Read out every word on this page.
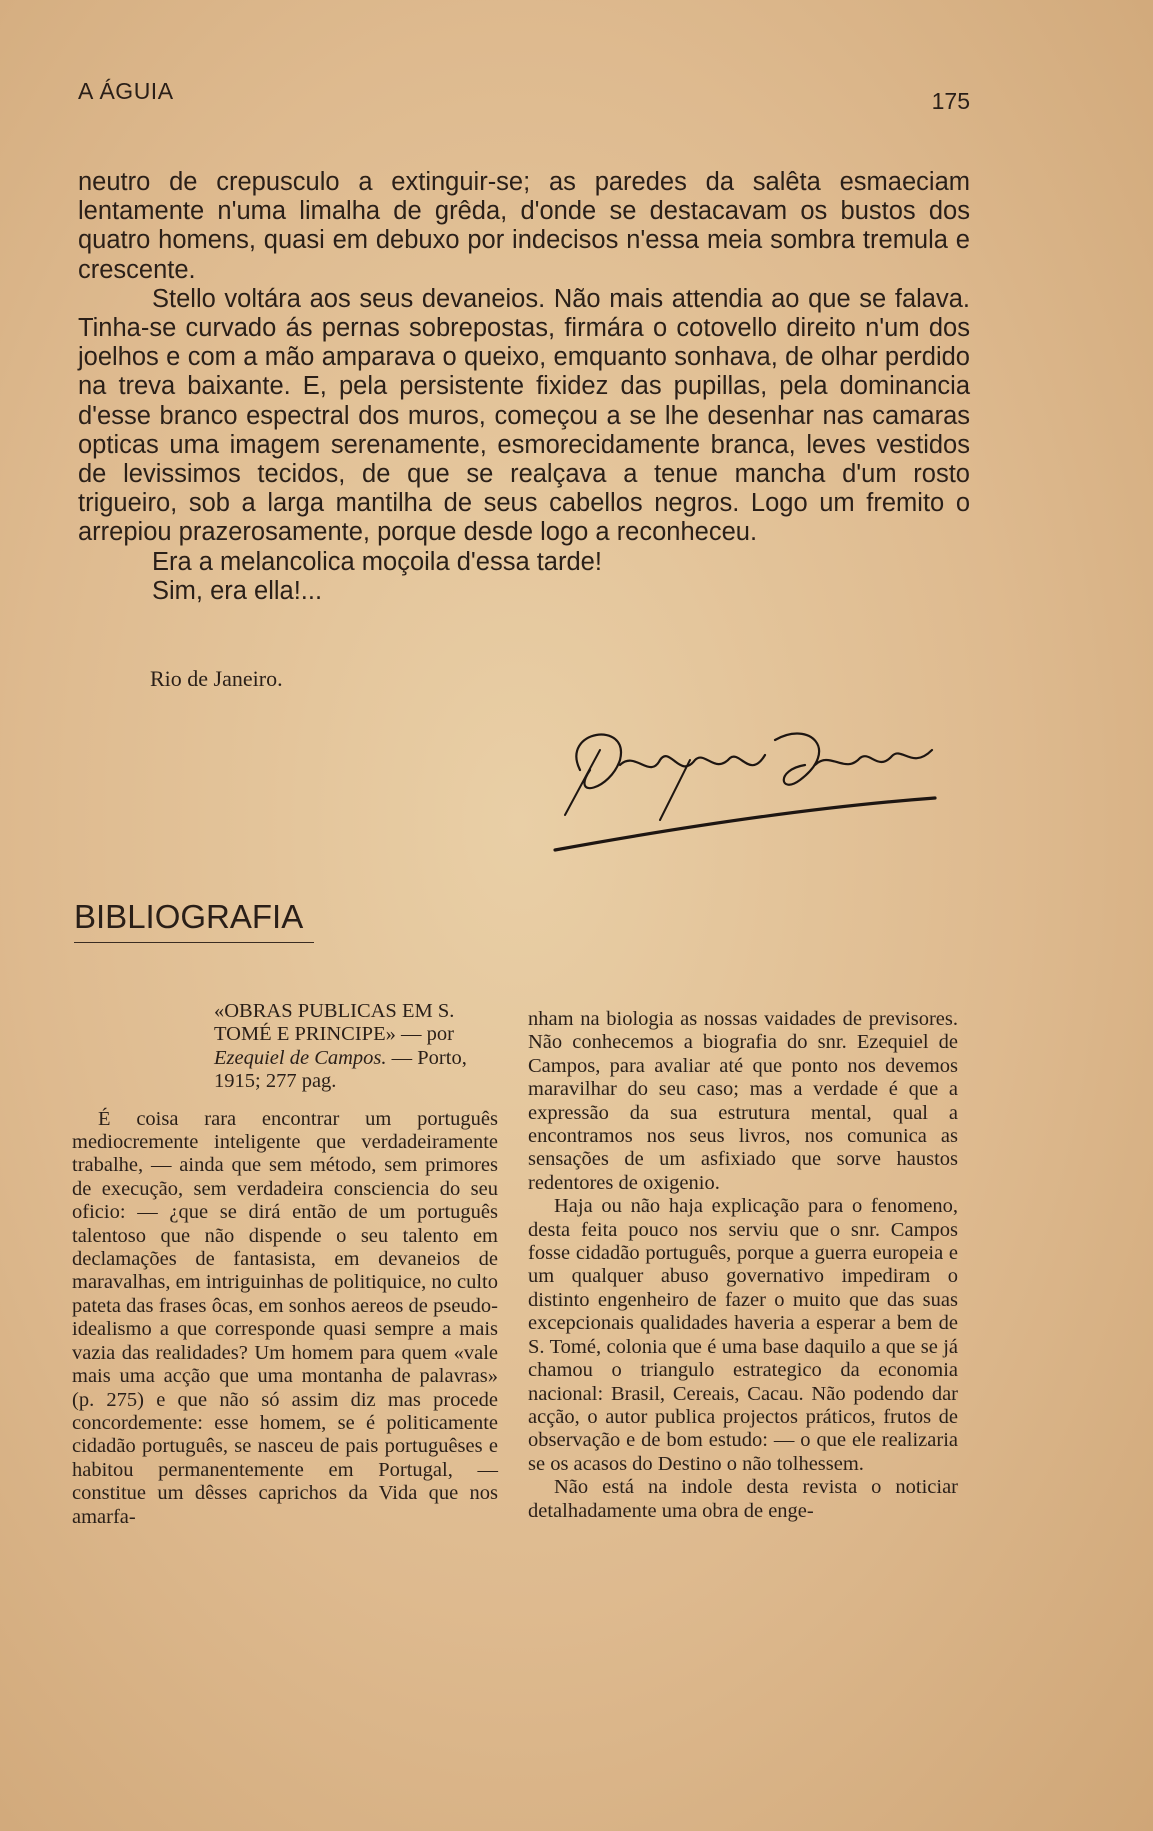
A ÁGUIA	175

neutro de crepusculo a extinguir-se; as paredes da salêta esmaeciam lentamente n'uma limalha de grêda, d'onde se destacavam os bustos dos quatro homens, quasi em debuxo por indecisos n'essa meia sombra tremula e crescente.

Stello voltára aos seus devaneios. Não mais attendia ao que se falava. Tinha-se curvado ás pernas sobrepostas, firmára o cotovello direito n'um dos joelhos e com a mão amparava o queixo, emquanto sonhava, de olhar perdido na treva baixante. E, pela persistente fixidez das pupillas, pela dominancia d'esse branco espectral dos muros, começou a se lhe desenhar nas camaras opticas uma imagem serenamente, esmorecidamente branca, leves vestidos de levissimos tecidos, de que se realçava a tenue mancha d'um rosto trigueiro, sob a larga mantilha de seus cabellos negros. Logo um fremito o arrepiou prazerosamente, porque desde logo a reconheceu.

Era a melancolica moçoila d'essa tarde!

Sim, era ella!...

Rio de Janeiro.
BIBLIOGRAFIA

«OBRAS PUBLICAS EM S. TOMÉ E PRINCIPE» — por Ezequiel de Campos. — Porto, 1915; 277 pag.

É coisa rara encontrar um português mediocremente inteligente que verdadeiramente trabalhe, — ainda que sem método, sem primores de execução, sem verdadeira consciencia do seu oficio: — ¿que se dirá então de um português talentoso que não dispende o seu talento em declamações de fantasista, em devaneios de maravalhas, em intriguinhas de politiquice, no culto pateta das frases ôcas, em sonhos aereos de pseudo-idealismo a que corresponde quasi sempre a mais vazia das realidades? Um homem para quem «vale mais uma acção que uma montanha de palavras» (p. 275) e que não só assim diz mas procede concordemente: esse homem, se é politicamente cidadão português, se nasceu de pais portuguêses e habitou permanentemente em Portugal, — constitue um dêsses caprichos da Vida que nos amarfa-

nham na biologia as nossas vaidades de previsores. Não conhecemos a biografia do snr. Ezequiel de Campos, para avaliar até que ponto nos devemos maravilhar do seu caso; mas a verdade é que a expressão da sua estrutura mental, qual a encontramos nos seus livros, nos comunica as sensações de um asfixiado que sorve haustos redentores de oxigenio.

Haja ou não haja explicação para o fenomeno, desta feita pouco nos serviu que o snr. Campos fosse cidadão português, porque a guerra europeia e um qualquer abuso governativo impediram o distinto engenheiro de fazer o muito que das suas excepcionais qualidades haveria a esperar a bem de S. Tomé, colonia que é uma base daquilo a que se já chamou o triangulo estrategico da economia nacional: Brasil, Cereais, Cacau. Não podendo dar acção, o autor publica projectos práticos, frutos de observação e de bom estudo: — o que ele realizaria se os acasos do Destino o não tolhessem.

Não está na indole desta revista o noticiar detalhadamente uma obra de enge-
